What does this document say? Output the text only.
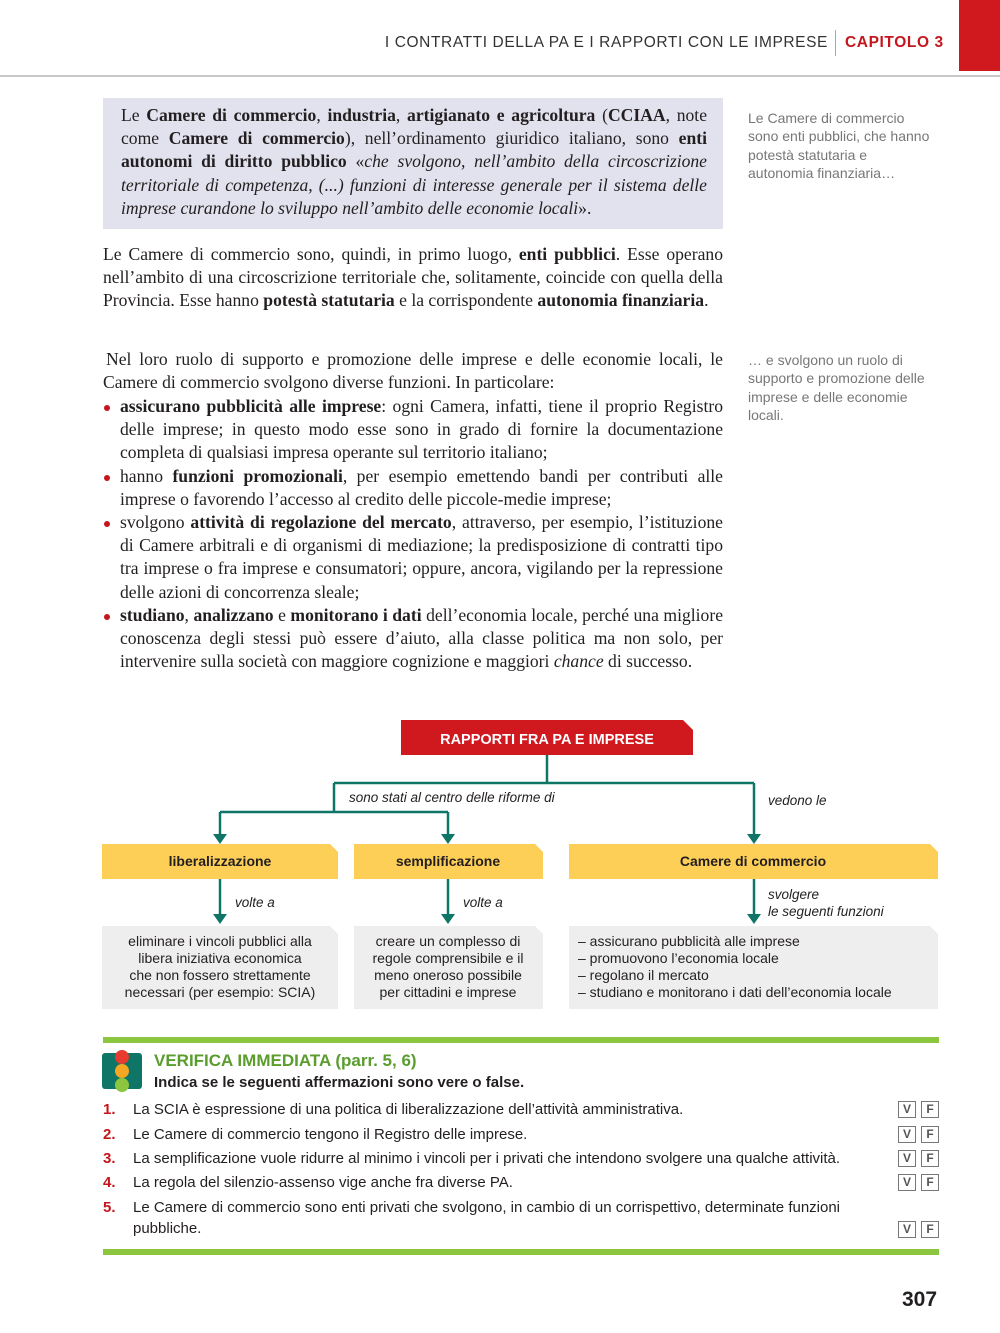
I CONTRATTI DELLA PA E I RAPPORTI CON LE IMPRESE CAPITOLO 3
Le Camere di commercio, industria, artigianato e agricoltura (CCIAA, note come Camere di commercio), nell’ordinamento giuridico italiano, sono enti autonomi di diritto pubblico «che svolgono, nell’ambito della circoscrizione territoriale di competenza, (...) funzioni di interesse generale per il sistema delle imprese curandone lo sviluppo nell’ambito delle economie locali».

Le Camere di commercio sono, quindi, in primo luogo, enti pubblici. Esse operano nell’ambito di una circoscrizione territoriale che, solitamente, coincide con quella della Provincia. Esse hanno potestà statutaria e la corrispondente autonomia finanziaria.

Nel loro ruolo di supporto e promozione delle imprese e delle economie locali, le Camere di commercio svolgono diverse funzioni. In particolare:

assicurano pubblicità alle imprese: ogni Camera, infatti, tiene il proprio Registro delle imprese; in questo modo esse sono in grado di fornire la documentazione completa di qualsiasi impresa operante sul territorio italiano;
hanno funzioni promozionali, per esempio emettendo bandi per contributi alle imprese o favorendo l’accesso al credito delle piccole-medie imprese;
svolgono attività di regolazione del mercato, attraverso, per esempio, l’istituzione di Camere arbitrali e di organismi di mediazione; la predisposizione di contratti tipo tra imprese o fra imprese e consumatori; oppure, ancora, vigilando per la repressione delle azioni di concorrenza sleale;
studiano, analizzano e monitorano i dati dell’economia locale, perché una migliore conoscenza degli stessi può essere d’aiuto, alla classe politica ma non solo, per intervenire sulla società con maggiore cognizione e maggiori chance di successo.
Le Camere di commercio sono enti pubblici, che hanno potestà statutaria e autonomia finanziaria…
… e svolgono un ruolo di supporto e promozione delle imprese e delle economie locali.
RAPPORTI FRA PA E IMPRESE
sono stati al centro delle riforme di	vedono le
liberalizzazione	semplificazione	Camere di commercio
volte a	volte a
svolgere
le seguenti funzioni
eliminare i vincoli pubblici alla
libera iniziativa economica
che non fossero strettamente
necessari (per esempio: SCIA)
creare un complesso di
regole comprensibile e il
meno oneroso possibile
per cittadini e imprese
– assicurano pubblicità alle imprese
– promuovono l’economia locale
– regolano il mercato
– studiano e monitorano i dati dell’economia locale
VERIFICA IMMEDIATA (parr. 5, 6)
Indica se le seguenti affermazioni sono vere o false.
1. La SCIA è espressione di una politica di liberalizzazione dell’attività amministrativa.	V	F
2. Le Camere di commercio tengono il Registro delle imprese.	V	F
3. La semplificazione vuole ridurre al minimo i vincoli per i privati che intendono svolgere una qualche attività.	V	F
4. La regola del silenzio-assenso vige anche fra diverse PA.	V	F
5. Le Camere di commercio sono enti privati che svolgono, in cambio di un corrispettivo, determinate funzioni pubbliche.	V	F
307
